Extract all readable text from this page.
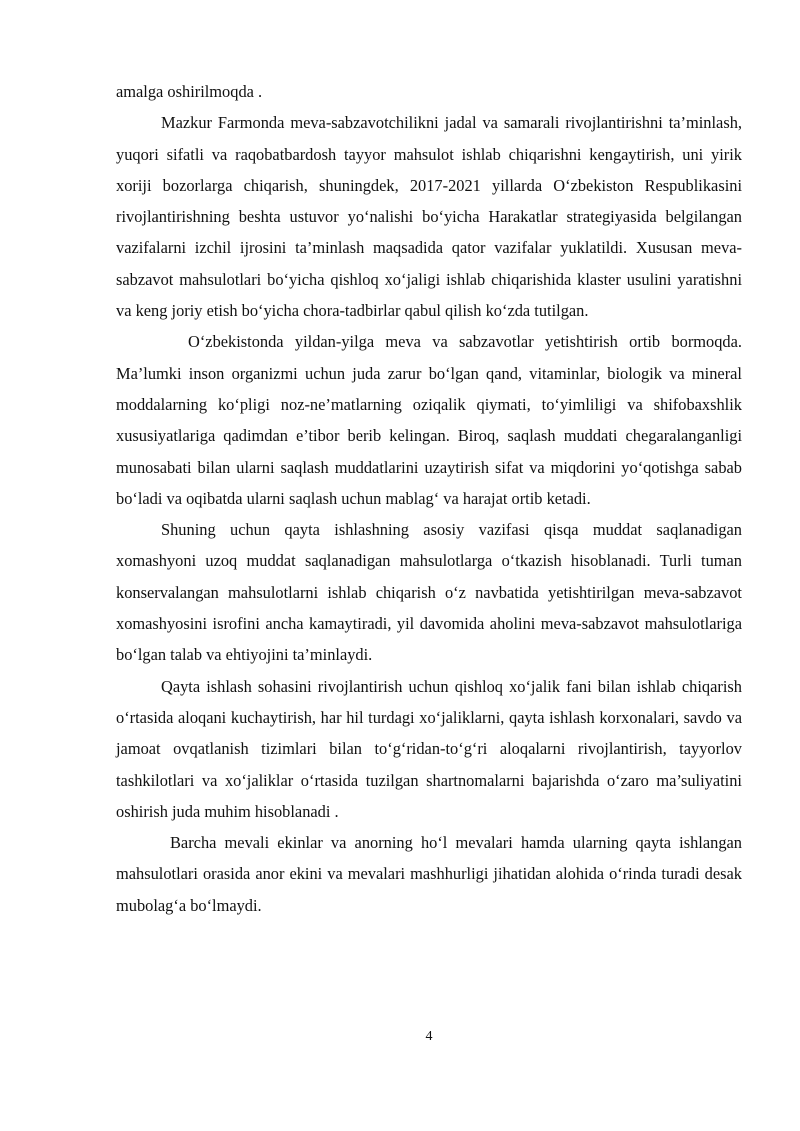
amalga oshirilmoqda .

Mazkur Farmonda meva-sabzavotchilikni jadal va samarali rivojlantirishni ta’minlash, yuqori sifatli va raqobatbardosh tayyor mahsulot ishlab chiqarishni kengaytirish, uni yirik xoriji bozorlarga chiqarish, shuningdek, 2017-2021 yillarda O‘zbekiston Respublikasini rivojlantirishning beshta ustuvor yo‘nalishi bo‘yicha Harakatlar strategiyasida belgilangan vazifalarni izchil ijrosini ta’minlash maqsadida qator vazifalar yuklatildi. Xususan meva-sabzavot mahsulotlari bo‘yicha qishloq xo‘jaligi ishlab chiqarishida klaster usulini yaratishni va keng joriy etish bo‘yicha chora-tadbirlar qabul qilish ko‘zda tutilgan.

O‘zbekistonda yildan-yilga meva va sabzavotlar yetishtirish ortib bormoqda. Ma’lumki inson organizmi uchun juda zarur bo‘lgan qand, vitaminlar, biologik va mineral moddalarning ko‘pligi noz-ne’matlarning oziqalik qiymati, to‘yimliligi va shifobaxshlik xususiyatlariga qadimdan e’tibor berib kelingan. Biroq, saqlash muddati chegaralanganligi munosabati bilan ularni saqlash muddatlarini uzaytirish sifat va miqdorini yo‘qotishga sabab bo‘ladi va oqibatda ularni saqlash uchun mablag‘ va harajat ortib ketadi.

Shuning uchun qayta ishlashning asosiy vazifasi qisqa muddat saqlanadigan xomashyoni uzoq muddat saqlanadigan mahsulotlarga o‘tkazish hisoblanadi. Turli tuman konservalangan mahsulotlarni ishlab chiqarish o‘z navbatida yetishtirilgan meva-sabzavot xomashyosini isrofini ancha kamaytiradi, yil davomida aholini meva-sabzavot mahsulotlariga bo‘lgan talab va ehtiyojini ta’minlaydi.

Qayta ishlash sohasini rivojlantirish uchun qishloq xo‘jalik fani bilan ishlab chiqarish o‘rtasida aloqani kuchaytirish, har hil turdagi xo‘jaliklarni, qayta ishlash korxonalari, savdo va jamoat ovqatlanish tizimlari bilan to‘g‘ridan-to‘g‘ri aloqalarni rivojlantirish, tayyorlov tashkilotlari va xo‘jaliklar o‘rtasida tuzilgan shartnomalarni bajarishda o‘zaro ma’suliyatini oshirish juda muhim hisoblanadi .

Barcha mevali ekinlar va anorning ho‘l mevalari hamda ularning qayta ishlangan mahsulotlari orasida anor ekini va mevalari mashhurligi jihatidan alohida o‘rinda turadi desak mubolag‘a bo‘lmaydi.

4
